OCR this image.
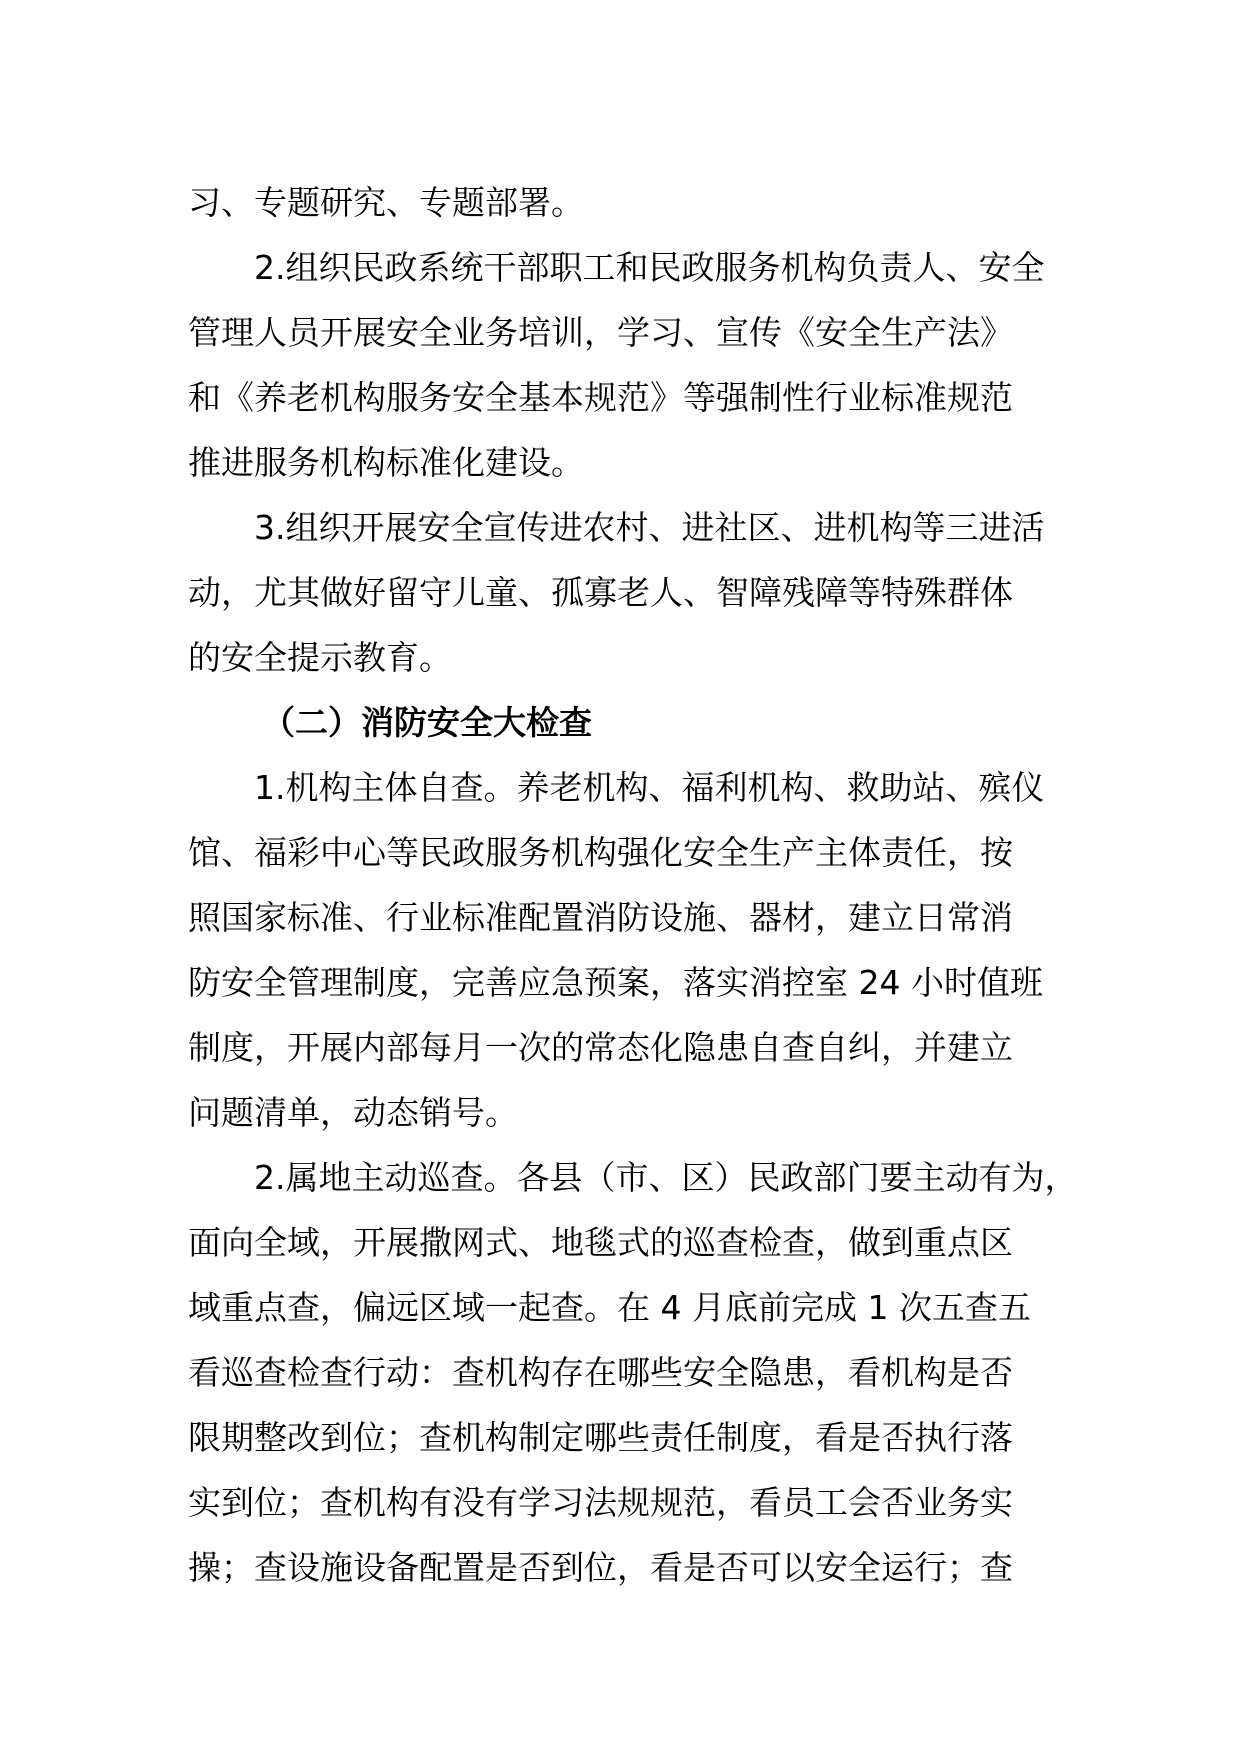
习、专题研究、专题部署。
2.组织民政系统干部职工和民政服务机构负责人、安全
管理人员开展安全业务培训，学习、宣传《安全生产法》
和《养老机构服务安全基本规范》等强制性行业标准规范
推进服务机构标准化建设。
3.组织开展安全宣传进农村、进社区、进机构等三进活
动，尤其做好留守儿童、孤寡老人、智障残障等特殊群体
的安全提示教育。
（二）消防安全大检查
1.机构主体自查。养老机构、福利机构、救助站、殡仪
馆、福彩中心等民政服务机构强化安全生产主体责任，按
照国家标准、行业标准配置消防设施、器材，建立日常消
防安全管理制度，完善应急预案，落实消控室 24 小时值班
制度，开展内部每月一次的常态化隐患自查自纠，并建立
问题清单，动态销号。
2.属地主动巡查。各县（市、区）民政部门要主动有为，
面向全域，开展撒网式、地毯式的巡查检查，做到重点区
域重点查，偏远区域一起查。在 4 月底前完成 1 次五查五
看巡查检查行动：查机构存在哪些安全隐患，看机构是否
限期整改到位；查机构制定哪些责任制度，看是否执行落
实到位；查机构有没有学习法规规范，看员工会否业务实
操；查设施设备配置是否到位，看是否可以安全运行；查
